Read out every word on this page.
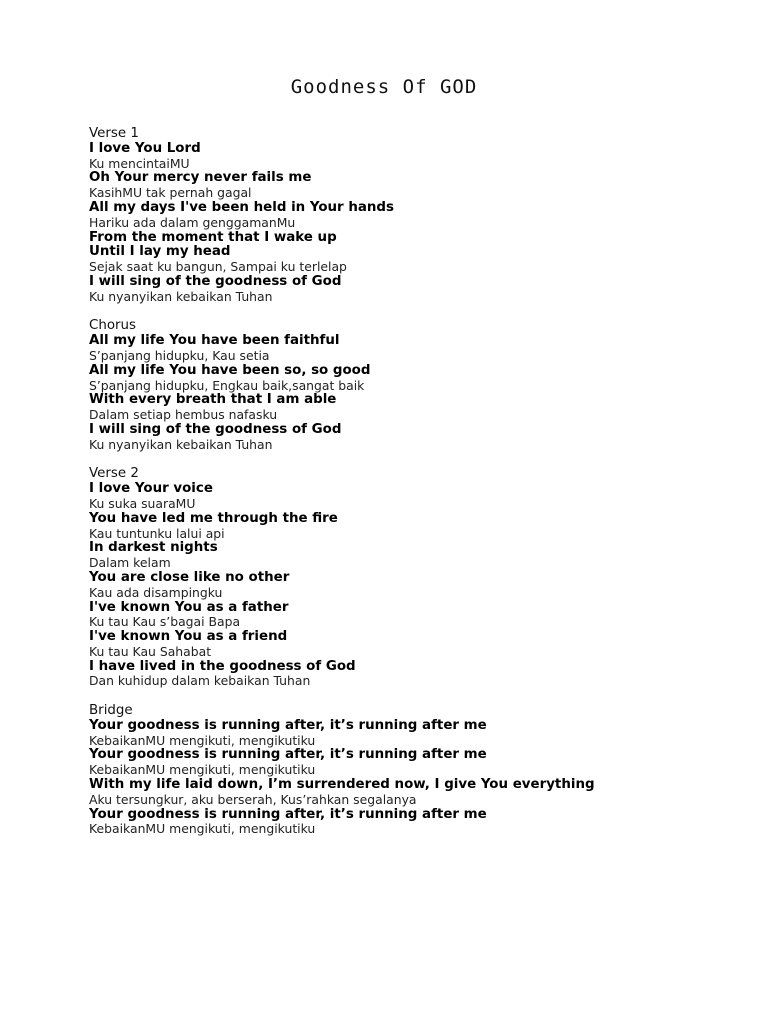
Goodness Of GOD
Verse 1
I love You Lord
Ku mencintaiMU
Oh Your mercy never fails me
KasihMU tak pernah gagal
All my days I've been held in Your hands
Hariku ada dalam genggamanMu
From the moment that I wake up
Until I lay my head
Sejak saat ku bangun, Sampai ku terlelap
I will sing of the goodness of God
Ku nyanyikan kebaikan Tuhan
Chorus
All my life You have been faithful
S’panjang hidupku, Kau setia
All my life You have been so, so good
S’panjang hidupku, Engkau baik,sangat baik
With every breath that I am able
Dalam setiap hembus nafasku
I will sing of the goodness of God
Ku nyanyikan kebaikan Tuhan
Verse 2
I love Your voice
Ku suka suaraMU
You have led me through the fire
Kau tuntunku lalui api
In darkest nights
Dalam kelam
You are close like no other
Kau ada disampingku
I've known You as a father
Ku tau Kau s’bagai Bapa
I've known You as a friend
Ku tau Kau Sahabat
I have lived in the goodness of God
Dan kuhidup dalam kebaikan Tuhan
Bridge
Your goodness is running after, it’s running after me
KebaikanMU mengikuti, mengikutiku
Your goodness is running after, it’s running after me
KebaikanMU mengikuti, mengikutiku
With my life laid down, I’m surrendered now, I give You everything
Aku tersungkur, aku berserah, Kus’rahkan segalanya
Your goodness is running after, it’s running after me
KebaikanMU mengikuti, mengikutiku
